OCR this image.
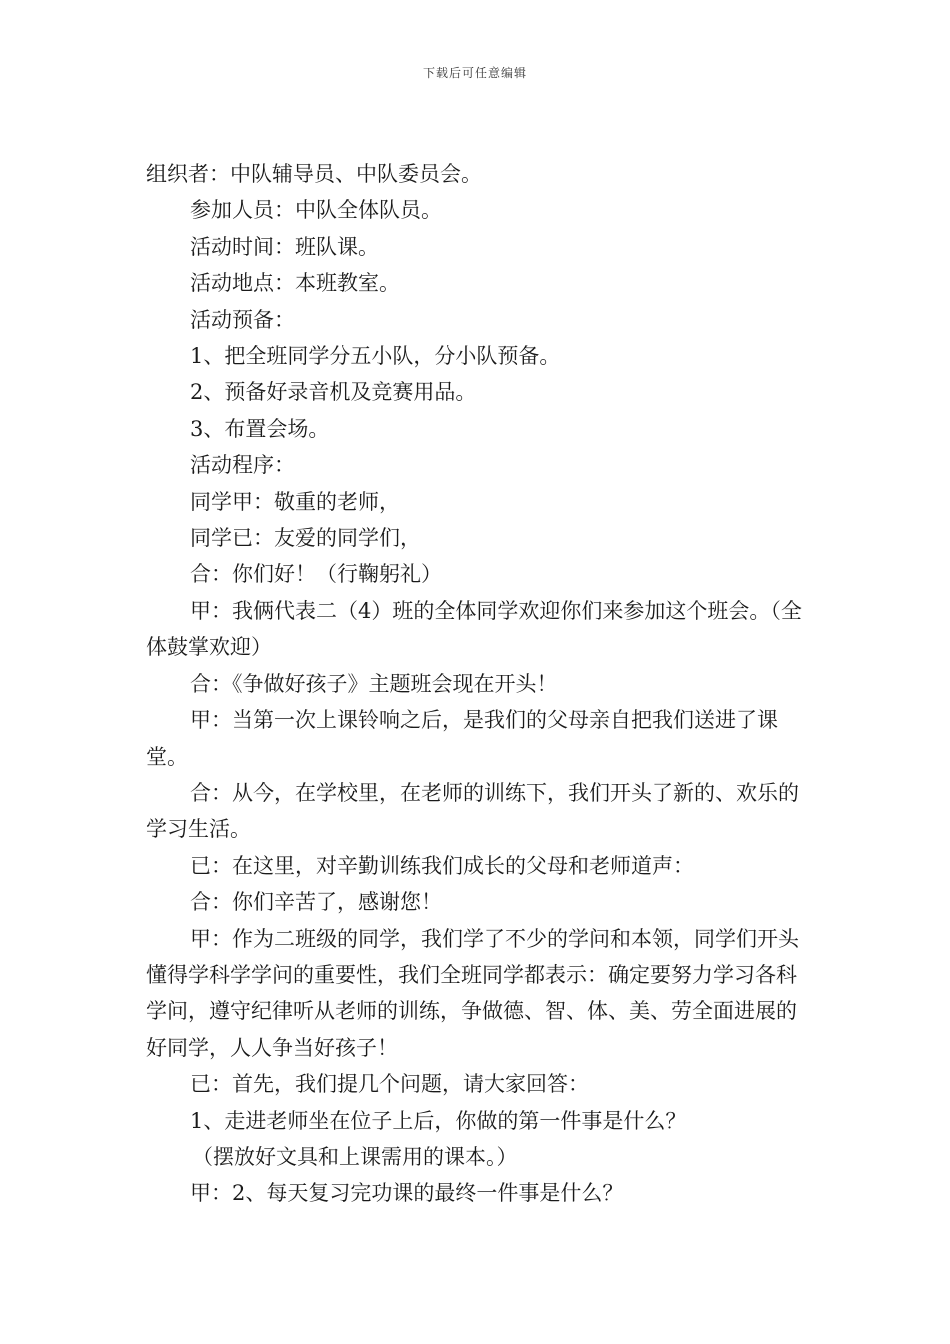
下载后可任意编辑

组织者：中队辅导员、中队委员会。

参加人员：中队全体队员。

活动时间：班队课。

活动地点：本班教室。

活动预备：

1、把全班同学分五小队，分小队预备。

2、预备好录音机及竞赛用品。

3、布置会场。

活动程序：

同学甲：敬重的老师，

同学已：友爱的同学们，

合：你们好！（行鞠躬礼）

甲：我俩代表二（4）班的全体同学欢迎你们来参加这个班会。（全体鼓掌欢迎）

合：《争做好孩子》主题班会现在开头！

甲：当第一次上课铃响之后，是我们的父母亲自把我们送进了课堂。

合：从今，在学校里，在老师的训练下，我们开头了新的、欢乐的学习生活。

已：在这里，对辛勤训练我们成长的父母和老师道声：

合：你们辛苦了，感谢您！

甲：作为二班级的同学，我们学了不少的学问和本领，同学们开头懂得学科学学问的重要性，我们全班同学都表示：确定要努力学习各科学问，遵守纪律听从老师的训练，争做德、智、体、美、劳全面进展的好同学，人人争当好孩子！

已：首先，我们提几个问题，请大家回答：

1、走进老师坐在位子上后，你做的第一件事是什么？

（摆放好文具和上课需用的课本。）

甲：2、每天复习完功课的最终一件事是什么？
